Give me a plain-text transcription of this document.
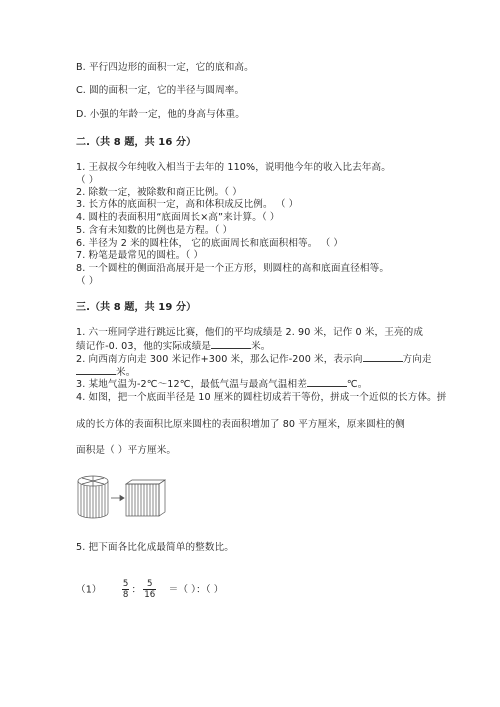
B. 平行四边形的面积一定，它的底和高。
C. 圆的面积一定，它的半径与圆周率。
D. 小强的年龄一定，他的身高与体重。
二.（共 8 题，共 16 分）
1. 王叔叔今年纯收入相当于去年的 110%，说明他今年的收入比去年高。
（ ）
2. 除数一定，被除数和商正比例。（ ）
3. 长方体的底面积一定，高和体积成反比例。 （ ）
4. 圆柱的表面积用“底面周长×高”来计算。（ ）
5. 含有未知数的比例也是方程。（ ）
6. 半径为 2 米的圆柱体， 它的底面周长和底面积相等。 （ ）
7. 粉笔是最常见的圆柱。（ ）
8. 一个圆柱的侧面沿高展开是一个正方形，则圆柱的高和底面直径相等。
（ ）
三.（共 8 题，共 19 分）
1. 六一班同学进行跳远比赛，他们的平均成绩是 2. 90 米，记作 0 米，王亮的成
绩记作-0. 03，他的实际成绩是	米。
2. 向西南方向走 300 米记作+300 米，那么记作-200 米，表示向	方向走
米。
3. 某地气温为-2℃～12℃，最低气温与最高气温相差	℃。
4. 如图，把一个底面半径是 10 厘米的圆柱切成若干等份，拼成一个近似的长方体。拼
成的长方体的表面积比原来圆柱的表面积增加了 80 平方厘米，原来圆柱的侧
面积是（ ）平方厘米。
5. 把下面各比化成最简单的整数比。
$(1) \frac{5}{8}$ ： $\frac{5}{16}$ ＝（ ）：（ ）
